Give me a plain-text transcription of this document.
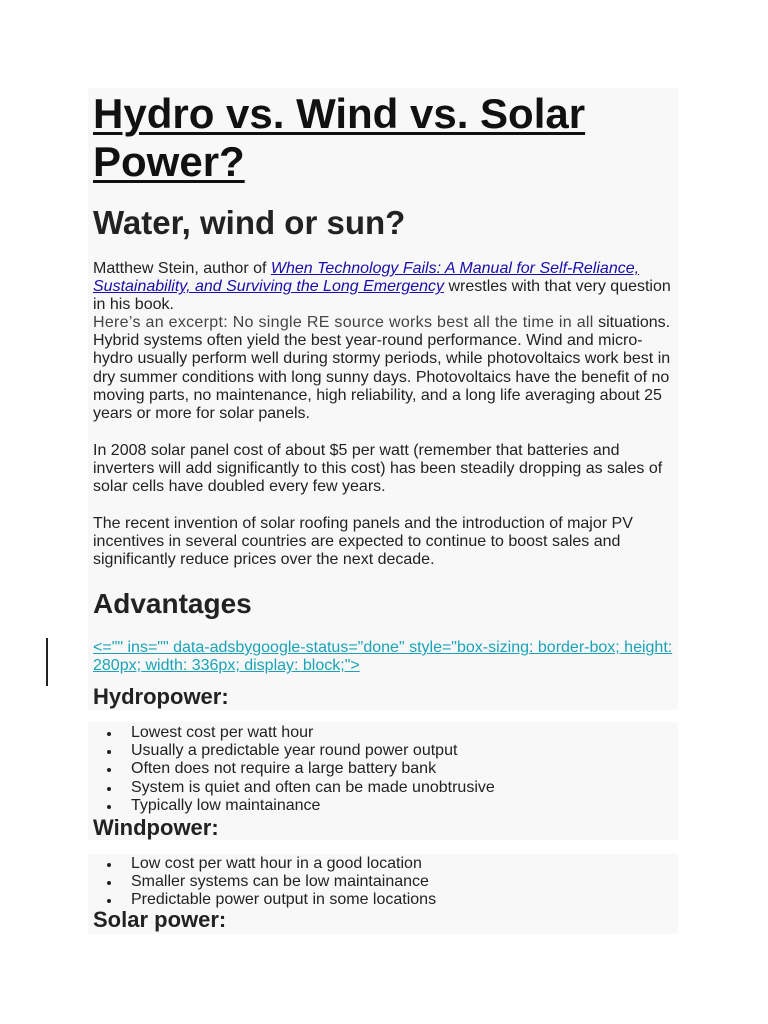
Hydro vs. Wind vs. Solar Power?
Water, wind or sun?

Matthew Stein, author of When Technology Fails: A Manual for Self-Reliance, Sustainability, and Surviving the Long Emergency wrestles with that very question in his book.

Here’s an excerpt: No single RE source works best all the time in all situations. Hybrid systems often yield the best year-round performance. Wind and micro-hydro usually perform well during stormy periods, while photovoltaics work best in dry summer conditions with long sunny days. Photovoltaics have the benefit of no moving parts, no maintenance, high reliability, and a long life averaging about 25 years or more for solar panels.

In 2008 solar panel cost of about $5 per watt (remember that batteries and inverters will add significantly to this cost) has been steadily dropping as sales of solar cells have doubled every few years.

The recent invention of solar roofing panels and the introduction of major PV incentives in several countries are expected to continue to boost sales and significantly reduce prices over the next decade.

Advantages
<="" ins="" data-adsbygoogle-status="done" style="box-sizing: border-box; height: 280px; width: 336px; display: block;">
Hydropower:
Lowest cost per watt hour
Usually a predictable year round power output
Often does not require a large battery bank
System is quiet and often can be made unobtrusive
Typically low maintainance
Windpower:
Low cost per watt hour in a good location
Smaller systems can be low maintainance
Predictable power output in some locations
Solar power:
